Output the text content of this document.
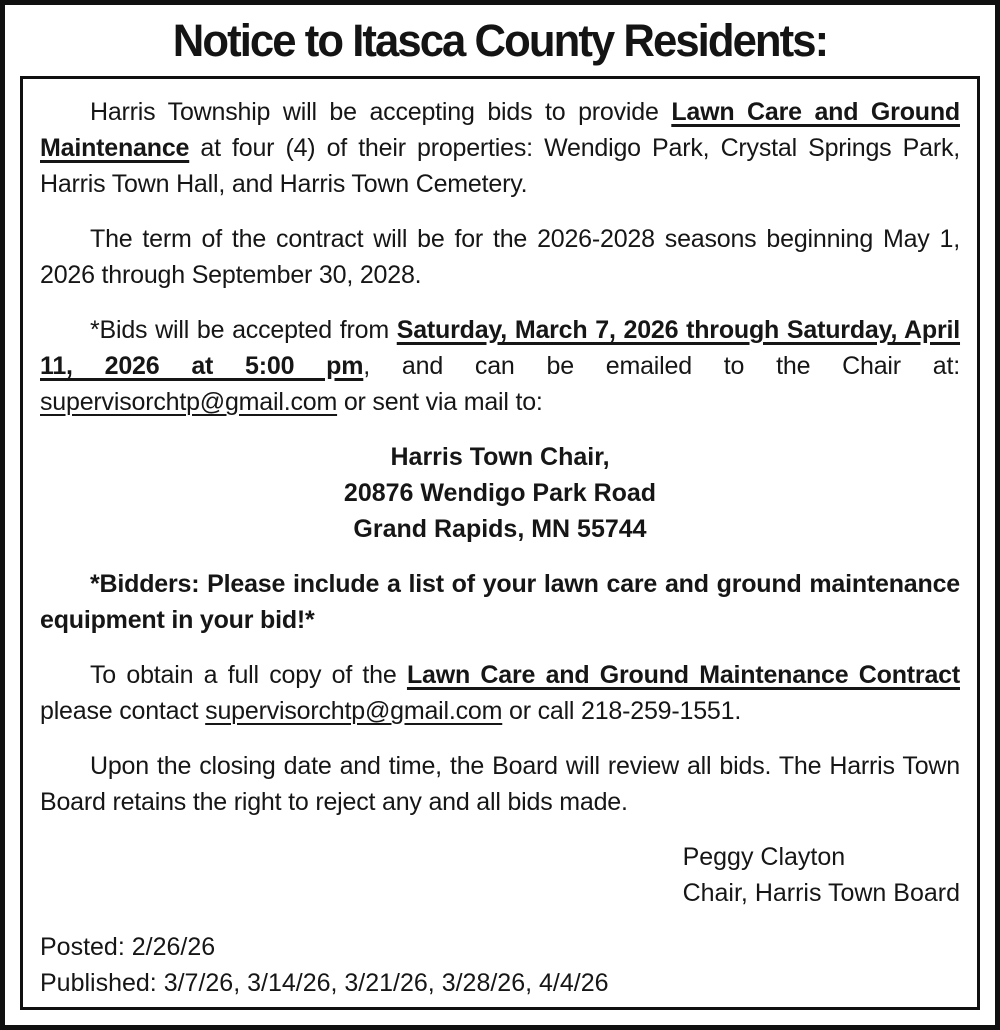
Notice to Itasca County Residents:

Harris Township will be accepting bids to provide Lawn Care and Ground Maintenance at four (4) of their properties: Wendigo Park, Crystal Springs Park, Harris Town Hall, and Harris Town Cemetery.

The term of the contract will be for the 2026-2028 seasons beginning May 1, 2026 through September 30, 2028.

*Bids will be accepted from Saturday, March 7, 2026 through Saturday, April 11, 2026 at 5:00 pm, and can be emailed to the Chair at: supervisorchtp@gmail.com or sent via mail to:

Harris Town Chair,
20876 Wendigo Park Road
Grand Rapids, MN 55744

*Bidders: Please include a list of your lawn care and ground maintenance equipment in your bid!*

To obtain a full copy of the Lawn Care and Ground Maintenance Contract please contact supervisorchtp@gmail.com or call 218-259-1551.

Upon the closing date and time, the Board will review all bids. The Harris Town Board retains the right to reject any and all bids made.

Peggy Clayton
Chair, Harris Town Board
Posted: 2/26/26
Published: 3/7/26, 3/14/26, 3/21/26, 3/28/26, 4/4/26
